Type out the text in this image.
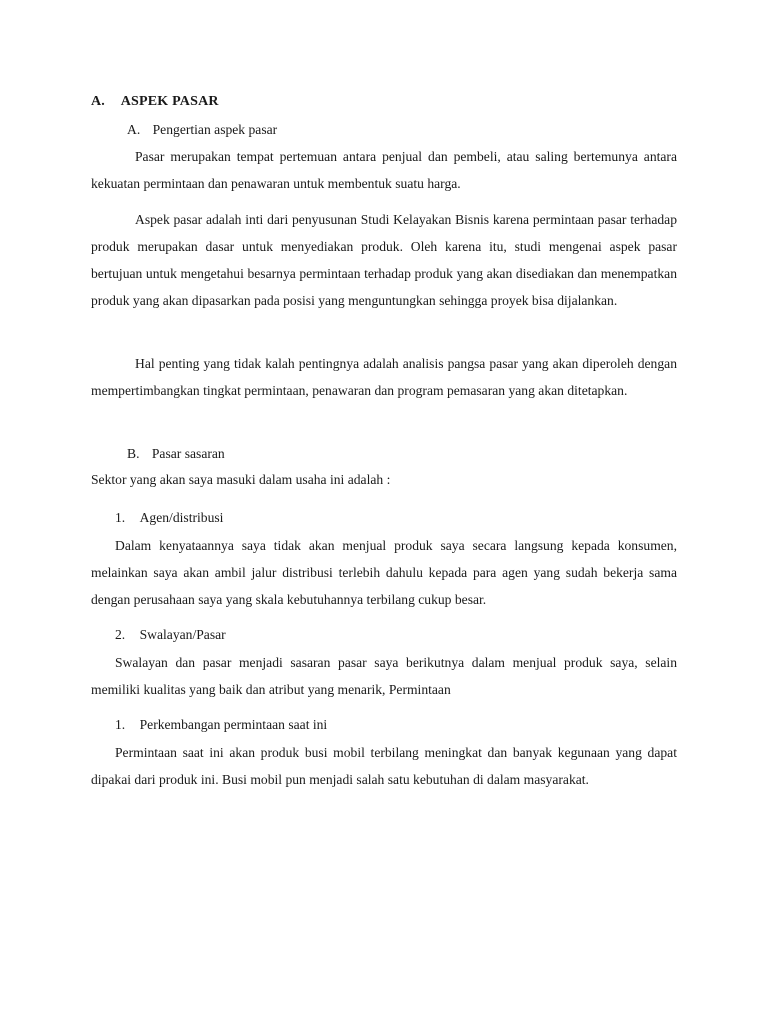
A. ASPEK PASAR
A. Pengertian aspek pasar

Pasar merupakan tempat pertemuan antara penjual dan pembeli, atau saling bertemunya antara kekuatan permintaan dan penawaran untuk membentuk suatu harga.

Aspek pasar adalah inti dari penyusunan Studi Kelayakan Bisnis karena permintaan pasar terhadap produk merupakan dasar untuk menyediakan produk. Oleh karena itu, studi mengenai aspek pasar bertujuan untuk mengetahui besarnya permintaan terhadap produk yang akan disediakan dan menempatkan produk yang akan dipasarkan pada posisi yang menguntungkan sehingga proyek bisa dijalankan.

Hal penting yang tidak kalah pentingnya adalah analisis pangsa pasar yang akan diperoleh dengan mempertimbangkan tingkat permintaan, penawaran dan program pemasaran yang akan ditetapkan.

B. Pasar sasaran
Sektor yang akan saya masuki dalam usaha ini adalah :
1. Agen/distribusi

Dalam kenyataannya saya tidak akan menjual produk saya secara langsung kepada konsumen, melainkan saya akan ambil jalur distribusi terlebih dahulu kepada para agen yang sudah bekerja sama dengan perusahaan saya yang skala kebutuhannya terbilang cukup besar.

2. Swalayan/Pasar

Swalayan dan pasar menjadi sasaran pasar saya berikutnya dalam menjual produk saya, selain memiliki kualitas yang baik dan atribut yang menarik, Permintaan

1. Perkembangan permintaan saat ini

Permintaan saat ini akan produk busi mobil terbilang meningkat dan banyak kegunaan yang dapat dipakai dari produk ini. Busi mobil pun menjadi salah satu kebutuhan di dalam masyarakat.
